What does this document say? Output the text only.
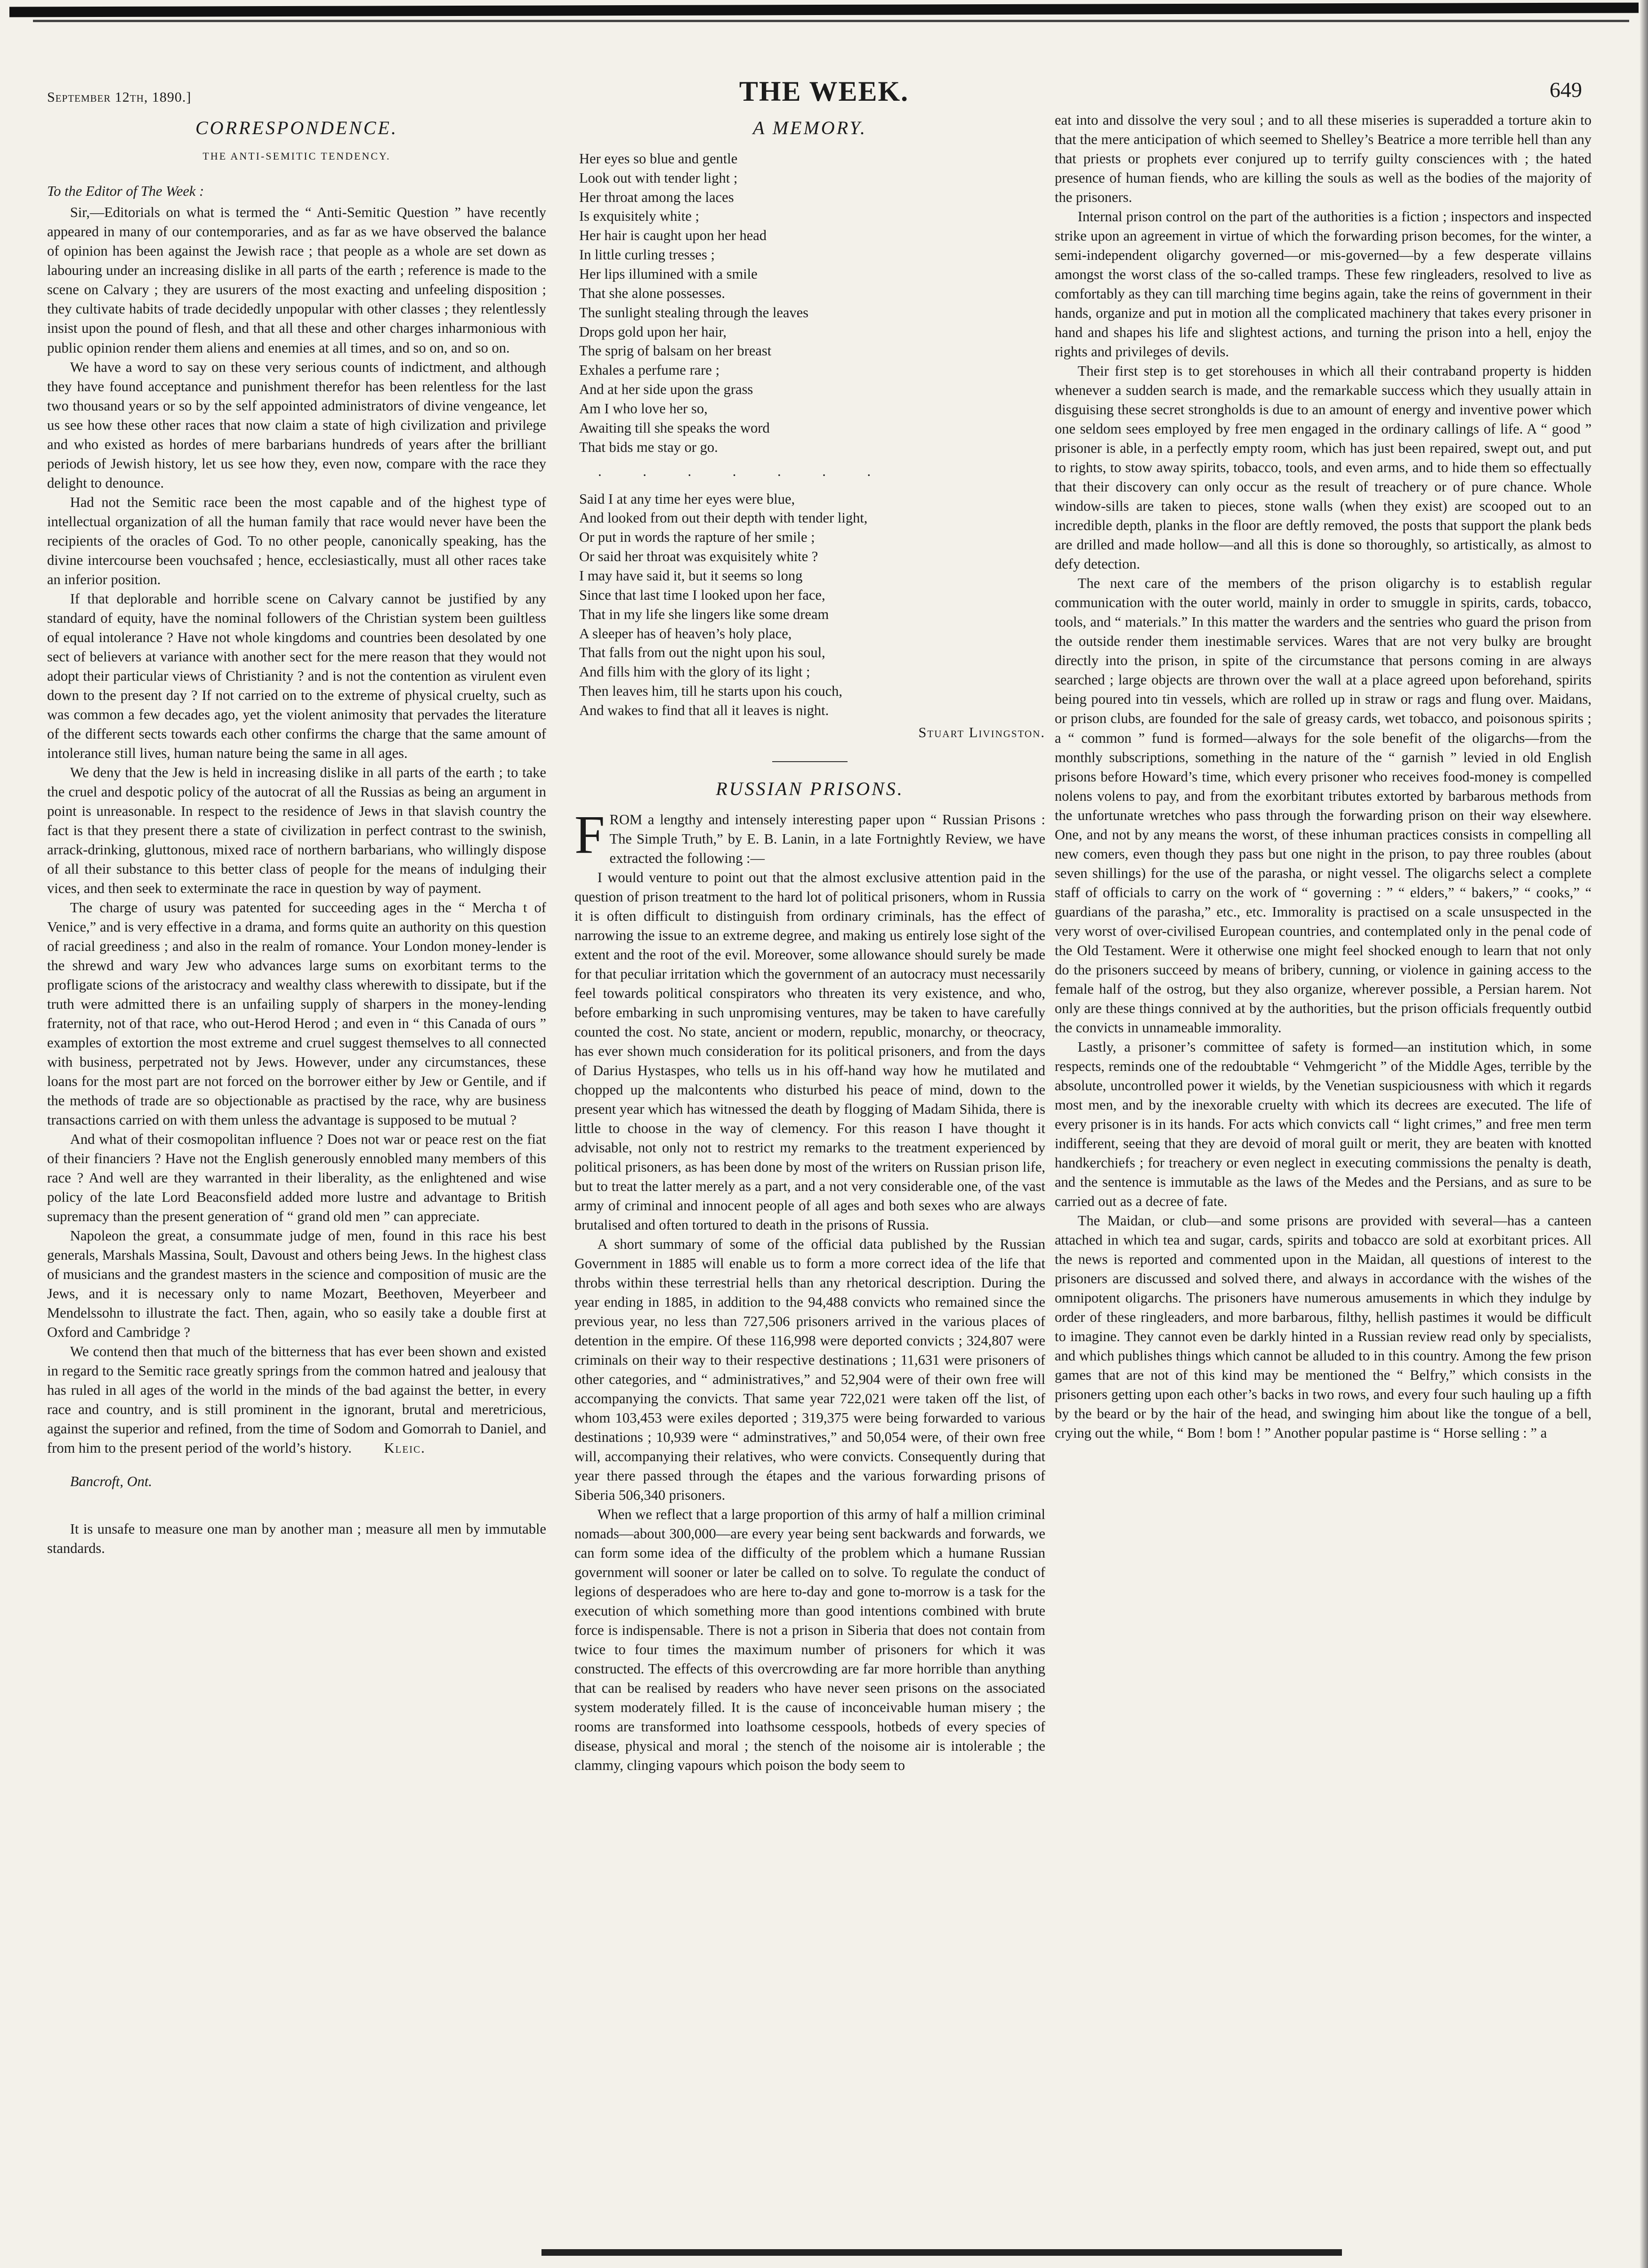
September 12th, 1890.]	THE WEEK.	649
CORRESPONDENCE.
THE ANTI-SEMITIC TENDENCY.
To the Editor of The Week :

Sir,—Editorials on what is termed the “ Anti-Semitic Question ” have recently appeared in many of our contemporaries, and as far as we have observed the balance of opinion has been against the Jewish race ; that people as a whole are set down as labouring under an increasing dislike in all parts of the earth ; reference is made to the scene on Calvary ; they are usurers of the most exacting and unfeeling disposition ; they cultivate habits of trade decidedly unpopular with other classes ; they relentlessly insist upon the pound of flesh, and that all these and other charges inharmonious with public opinion render them aliens and enemies at all times, and so on, and so on.

We have a word to say on these very serious counts of indictment, and although they have found acceptance and punishment therefor has been relentless for the last two thousand years or so by the self appointed administrators of divine vengeance, let us see how these other races that now claim a state of high civilization and privilege and who existed as hordes of mere barbarians hundreds of years after the brilliant periods of Jewish history, let us see how they, even now, compare with the race they delight to denounce.

Had not the Semitic race been the most capable and of the highest type of intellectual organization of all the human family that race would never have been the recipients of the oracles of God. To no other people, canonically speaking, has the divine intercourse been vouchsafed ; hence, ecclesiastically, must all other races take an inferior position.

If that deplorable and horrible scene on Calvary cannot be justified by any standard of equity, have the nominal followers of the Christian system been guiltless of equal intolerance ? Have not whole kingdoms and countries been desolated by one sect of believers at variance with another sect for the mere reason that they would not adopt their particular views of Christianity ? and is not the contention as virulent even down to the present day ? If not carried on to the extreme of physical cruelty, such as was common a few decades ago, yet the violent animosity that pervades the literature of the different sects towards each other confirms the charge that the same amount of intolerance still lives, human nature being the same in all ages.

We deny that the Jew is held in increasing dislike in all parts of the earth ; to take the cruel and despotic policy of the autocrat of all the Russias as being an argument in point is unreasonable. In respect to the residence of Jews in that slavish country the fact is that they present there a state of civilization in perfect contrast to the swinish, arrack-drinking, gluttonous, mixed race of northern barbarians, who willingly dispose of all their substance to this better class of people for the means of indulging their vices, and then seek to exterminate the race in question by way of payment.

The charge of usury was patented for succeeding ages in the “ Mercha t of Venice,” and is very effective in a drama, and forms quite an authority on this question of racial greediness ; and also in the realm of romance. Your London money-lender is the shrewd and wary Jew who advances large sums on exorbitant terms to the profligate scions of the aristocracy and wealthy class wherewith to dissipate, but if the truth were admitted there is an unfailing supply of sharpers in the money-lending fraternity, not of that race, who out-Herod Herod ; and even in “ this Canada of ours ” examples of extortion the most extreme and cruel suggest themselves to all connected with business, perpetrated not by Jews. However, under any circumstances, these loans for the most part are not forced on the borrower either by Jew or Gentile, and if the methods of trade are so objectionable as practised by the race, why are business transactions carried on with them unless the advantage is supposed to be mutual ?

And what of their cosmopolitan influence ? Does not war or peace rest on the fiat of their financiers ? Have not the English generously ennobled many members of this race ? And well are they warranted in their liberality, as the enlightened and wise policy of the late Lord Beaconsfield added more lustre and advantage to British supremacy than the present generation of “ grand old men ” can appreciate.

Napoleon the great, a consummate judge of men, found in this race his best generals, Marshals Massina, Soult, Davoust and others being Jews. In the highest class of musicians and the grandest masters in the science and composition of music are the Jews, and it is necessary only to name Mozart, Beethoven, Meyerbeer and Mendelssohn to illustrate the fact. Then, again, who so easily take a double first at Oxford and Cambridge ?

We contend then that much of the bitterness that has ever been shown and existed in regard to the Semitic race greatly springs from the common hatred and jealousy that has ruled in all ages of the world in the minds of the bad against the better, in every race and country, and is still prominent in the ignorant, brutal and meretricious, against the superior and refined, from the time of Sodom and Gomorrah to Daniel, and from him to the present period of the world’s history. Kleic.

Bancroft, Ont.

It is unsafe to measure one man by another man ; measure all men by immutable standards.

A MEMORY.
Her eyes so blue and gentle
Look out with tender light ;
Her throat among the laces
Is exquisitely white ;
Her hair is caught upon her head
In little curling tresses ;
Her lips illumined with a smile
That she alone possesses.
The sunlight stealing through the leaves
Drops gold upon her hair,
The sprig of balsam on her breast
Exhales a perfume rare ;
And at her side upon the grass
Am I who love her so,
Awaiting till she speaks the word
That bids me stay or go.
. . . . . . .
Said I at any time her eyes were blue,
And looked from out their depth with tender light,
Or put in words the rapture of her smile ;
Or said her throat was exquisitely white ?
I may have said it, but it seems so long
Since that last time I looked upon her face,
That in my life she lingers like some dream
A sleeper has of heaven’s holy place,
That falls from out the night upon his soul,
And fills him with the glory of its light ;
Then leaves him, till he starts upon his couch,
And wakes to find that all it leaves is night.
Stuart Livingston.
RUSSIAN PRISONS.

FROM a lengthy and intensely interesting paper upon “ Russian Prisons : The Simple Truth,” by E. B. Lanin, in a late Fortnightly Review, we have extracted the following :—

I would venture to point out that the almost exclusive attention paid in the question of prison treatment to the hard lot of political prisoners, whom in Russia it is often difficult to distinguish from ordinary criminals, has the effect of narrowing the issue to an extreme degree, and making us entirely lose sight of the extent and the root of the evil. Moreover, some allowance should surely be made for that peculiar irritation which the government of an autocracy must necessarily feel towards political conspirators who threaten its very existence, and who, before embarking in such unpromising ventures, may be taken to have carefully counted the cost. No state, ancient or modern, republic, monarchy, or theocracy, has ever shown much consideration for its political prisoners, and from the days of Darius Hystaspes, who tells us in his off-hand way how he mutilated and chopped up the malcontents who disturbed his peace of mind, down to the present year which has witnessed the death by flogging of Madam Sihida, there is little to choose in the way of clemency. For this reason I have thought it advisable, not only not to restrict my remarks to the treatment experienced by political prisoners, as has been done by most of the writers on Russian prison life, but to treat the latter merely as a part, and a not very considerable one, of the vast army of criminal and innocent people of all ages and both sexes who are always brutalised and often tortured to death in the prisons of Russia.

A short summary of some of the official data published by the Russian Government in 1885 will enable us to form a more correct idea of the life that throbs within these terrestrial hells than any rhetorical description. During the year ending in 1885, in addition to the 94,488 convicts who remained since the previous year, no less than 727,506 prisoners arrived in the various places of detention in the empire. Of these 116,998 were deported convicts ; 324,807 were criminals on their way to their respective destinations ; 11,631 were prisoners of other categories, and “ administratives,” and 52,904 were of their own free will accompanying the convicts. That same year 722,021 were taken off the list, of whom 103,453 were exiles deported ; 319,375 were being forwarded to various destinations ; 10,939 were “ adminstratives,” and 50,054 were, of their own free will, accompanying their relatives, who were convicts. Consequently during that year there passed through the étapes and the various forwarding prisons of Siberia 506,340 prisoners.

When we reflect that a large proportion of this army of half a million criminal nomads—about 300,000—are every year being sent backwards and forwards, we can form some idea of the difficulty of the problem which a humane Russian government will sooner or later be called on to solve. To regulate the conduct of legions of desperadoes who are here to-day and gone to-morrow is a task for the execution of which something more than good intentions combined with brute force is indispensable. There is not a prison in Siberia that does not contain from twice to four times the maximum number of prisoners for which it was constructed. The effects of this overcrowding are far more horrible than anything that can be realised by readers who have never seen prisons on the associated system moderately filled. It is the cause of inconceivable human misery ; the rooms are transformed into loathsome cesspools, hotbeds of every species of disease, physical and moral ; the stench of the noisome air is intolerable ; the clammy, clinging vapours which poison the body seem to

eat into and dissolve the very soul ; and to all these miseries is superadded a torture akin to that the mere anticipation of which seemed to Shelley’s Beatrice a more terrible hell than any that priests or prophets ever conjured up to terrify guilty consciences with ; the hated presence of human fiends, who are killing the souls as well as the bodies of the majority of the prisoners.

Internal prison control on the part of the authorities is a fiction ; inspectors and inspected strike upon an agreement in virtue of which the forwarding prison becomes, for the winter, a semi-independent oligarchy governed—or mis-governed—by a few desperate villains amongst the worst class of the so-called tramps. These few ringleaders, resolved to live as comfortably as they can till marching time begins again, take the reins of government in their hands, organize and put in motion all the complicated machinery that takes every prisoner in hand and shapes his life and slightest actions, and turning the prison into a hell, enjoy the rights and privileges of devils.

Their first step is to get storehouses in which all their contraband property is hidden whenever a sudden search is made, and the remarkable success which they usually attain in disguising these secret strongholds is due to an amount of energy and inventive power which one seldom sees employed by free men engaged in the ordinary callings of life. A “ good ” prisoner is able, in a perfectly empty room, which has just been repaired, swept out, and put to rights, to stow away spirits, tobacco, tools, and even arms, and to hide them so effectually that their discovery can only occur as the result of treachery or of pure chance. Whole window-sills are taken to pieces, stone walls (when they exist) are scooped out to an incredible depth, planks in the floor are deftly removed, the posts that support the plank beds are drilled and made hollow—and all this is done so thoroughly, so artistically, as almost to defy detection.

The next care of the members of the prison oligarchy is to establish regular communication with the outer world, mainly in order to smuggle in spirits, cards, tobacco, tools, and “ materials.” In this matter the warders and the sentries who guard the prison from the outside render them inestimable services. Wares that are not very bulky are brought directly into the prison, in spite of the circumstance that persons coming in are always searched ; large objects are thrown over the wall at a place agreed upon beforehand, spirits being poured into tin vessels, which are rolled up in straw or rags and flung over. Maidans, or prison clubs, are founded for the sale of greasy cards, wet tobacco, and poisonous spirits ; a “ common ” fund is formed—always for the sole benefit of the oligarchs—from the monthly subscriptions, something in the nature of the “ garnish ” levied in old English prisons before Howard’s time, which every prisoner who receives food-money is compelled nolens volens to pay, and from the exorbitant tributes extorted by barbarous methods from the unfortunate wretches who pass through the forwarding prison on their way elsewhere. One, and not by any means the worst, of these inhuman practices consists in compelling all new comers, even though they pass but one night in the prison, to pay three roubles (about seven shillings) for the use of the parasha, or night vessel. The oligarchs select a complete staff of officials to carry on the work of “ governing : ” “ elders,” “ bakers,” “ cooks,” “ guardians of the parasha,” etc., etc. Immorality is practised on a scale unsuspected in the very worst of over-civilised European countries, and contemplated only in the penal code of the Old Testament. Were it otherwise one might feel shocked enough to learn that not only do the prisoners succeed by means of bribery, cunning, or violence in gaining access to the female half of the ostrog, but they also organize, wherever possible, a Persian harem. Not only are these things connived at by the authorities, but the prison officials frequently outbid the convicts in unnameable immorality.

Lastly, a prisoner’s committee of safety is formed—an institution which, in some respects, reminds one of the redoubtable “ Vehmgericht ” of the Middle Ages, terrible by the absolute, uncontrolled power it wields, by the Venetian suspiciousness with which it regards most men, and by the inexorable cruelty with which its decrees are executed. The life of every prisoner is in its hands. For acts which convicts call “ light crimes,” and free men term indifferent, seeing that they are devoid of moral guilt or merit, they are beaten with knotted handkerchiefs ; for treachery or even neglect in executing commissions the penalty is death, and the sentence is immutable as the laws of the Medes and the Persians, and as sure to be carried out as a decree of fate.

The Maidan, or club—and some prisons are provided with several—has a canteen attached in which tea and sugar, cards, spirits and tobacco are sold at exorbitant prices. All the news is reported and commented upon in the Maidan, all questions of interest to the prisoners are discussed and solved there, and always in accordance with the wishes of the omnipotent oligarchs. The prisoners have numerous amusements in which they indulge by order of these ringleaders, and more barbarous, filthy, hellish pastimes it would be difficult to imagine. They cannot even be darkly hinted in a Russian review read only by specialists, and which publishes things which cannot be alluded to in this country. Among the few prison games that are not of this kind may be mentioned the “ Belfry,” which consists in the prisoners getting upon each other’s backs in two rows, and every four such hauling up a fifth by the beard or by the hair of the head, and swinging him about like the tongue of a bell, crying out the while, “ Bom ! bom ! ” Another popular pastime is “ Horse selling : ” a
